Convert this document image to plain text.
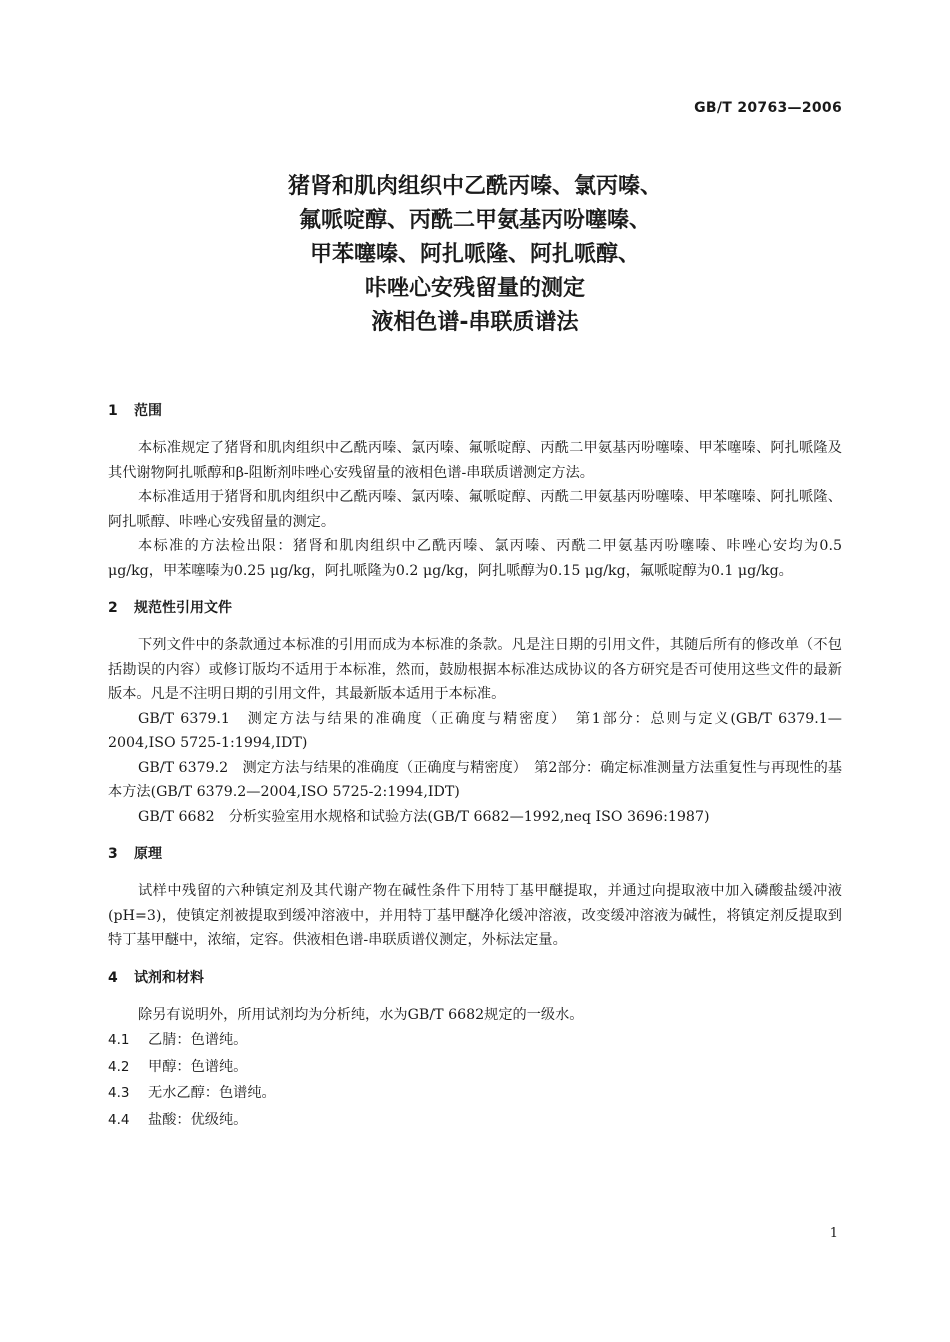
GB/T 20763—2006
猪肾和肌肉组织中乙酰丙嗪、氯丙嗪、
氟哌啶醇、丙酰二甲氨基丙吩噻嗪、
甲苯噻嗪、阿扎哌隆、阿扎哌醇、
咔唑心安残留量的测定
液相色谱-串联质谱法
1 范围

本标准规定了猪肾和肌肉组织中乙酰丙嗪、氯丙嗪、氟哌啶醇、丙酰二甲氨基丙吩噻嗪、甲苯噻嗪、阿扎哌隆及其代谢物阿扎哌醇和β-阻断剂咔唑心安残留量的液相色谱-串联质谱测定方法。

本标准适用于猪肾和肌肉组织中乙酰丙嗪、氯丙嗪、氟哌啶醇、丙酰二甲氨基丙吩噻嗪、甲苯噻嗪、阿扎哌隆、阿扎哌醇、咔唑心安残留量的测定。

本标准的方法检出限：猪肾和肌肉组织中乙酰丙嗪、氯丙嗪、丙酰二甲氨基丙吩噻嗪、咔唑心安均为0.5 μg/kg，甲苯噻嗪为0.25 μg/kg，阿扎哌隆为0.2 μg/kg，阿扎哌醇为0.15 μg/kg，氟哌啶醇为0.1 μg/kg。

2 规范性引用文件

下列文件中的条款通过本标准的引用而成为本标准的条款。凡是注日期的引用文件，其随后所有的修改单（不包括勘误的内容）或修订版均不适用于本标准，然而，鼓励根据本标准达成协议的各方研究是否可使用这些文件的最新版本。凡是不注明日期的引用文件，其最新版本适用于本标准。

GB/T 6379.1　测定方法与结果的准确度（正确度与精密度）　第1部分：总则与定义(GB/T 6379.1—2004,ISO 5725-1:1994,IDT)

GB/T 6379.2　测定方法与结果的准确度（正确度与精密度）　第2部分：确定标准测量方法重复性与再现性的基本方法(GB/T 6379.2—2004,ISO 5725-2:1994,IDT)

GB/T 6682　分析实验室用水规格和试验方法(GB/T 6682—1992,neq ISO 3696:1987)

3 原理

试样中残留的六种镇定剂及其代谢产物在碱性条件下用特丁基甲醚提取，并通过向提取液中加入磷酸盐缓冲液(pH=3)，使镇定剂被提取到缓冲溶液中，并用特丁基甲醚净化缓冲溶液，改变缓冲溶液为碱性，将镇定剂反提取到特丁基甲醚中，浓缩，定容。供液相色谱-串联质谱仪测定，外标法定量。

4 试剂和材料

除另有说明外，所用试剂均为分析纯，水为GB/T 6682规定的一级水。

4.1 乙腈：色谱纯。
4.2 甲醇：色谱纯。
4.3 无水乙醇：色谱纯。
4.4 盐酸：优级纯。
1
